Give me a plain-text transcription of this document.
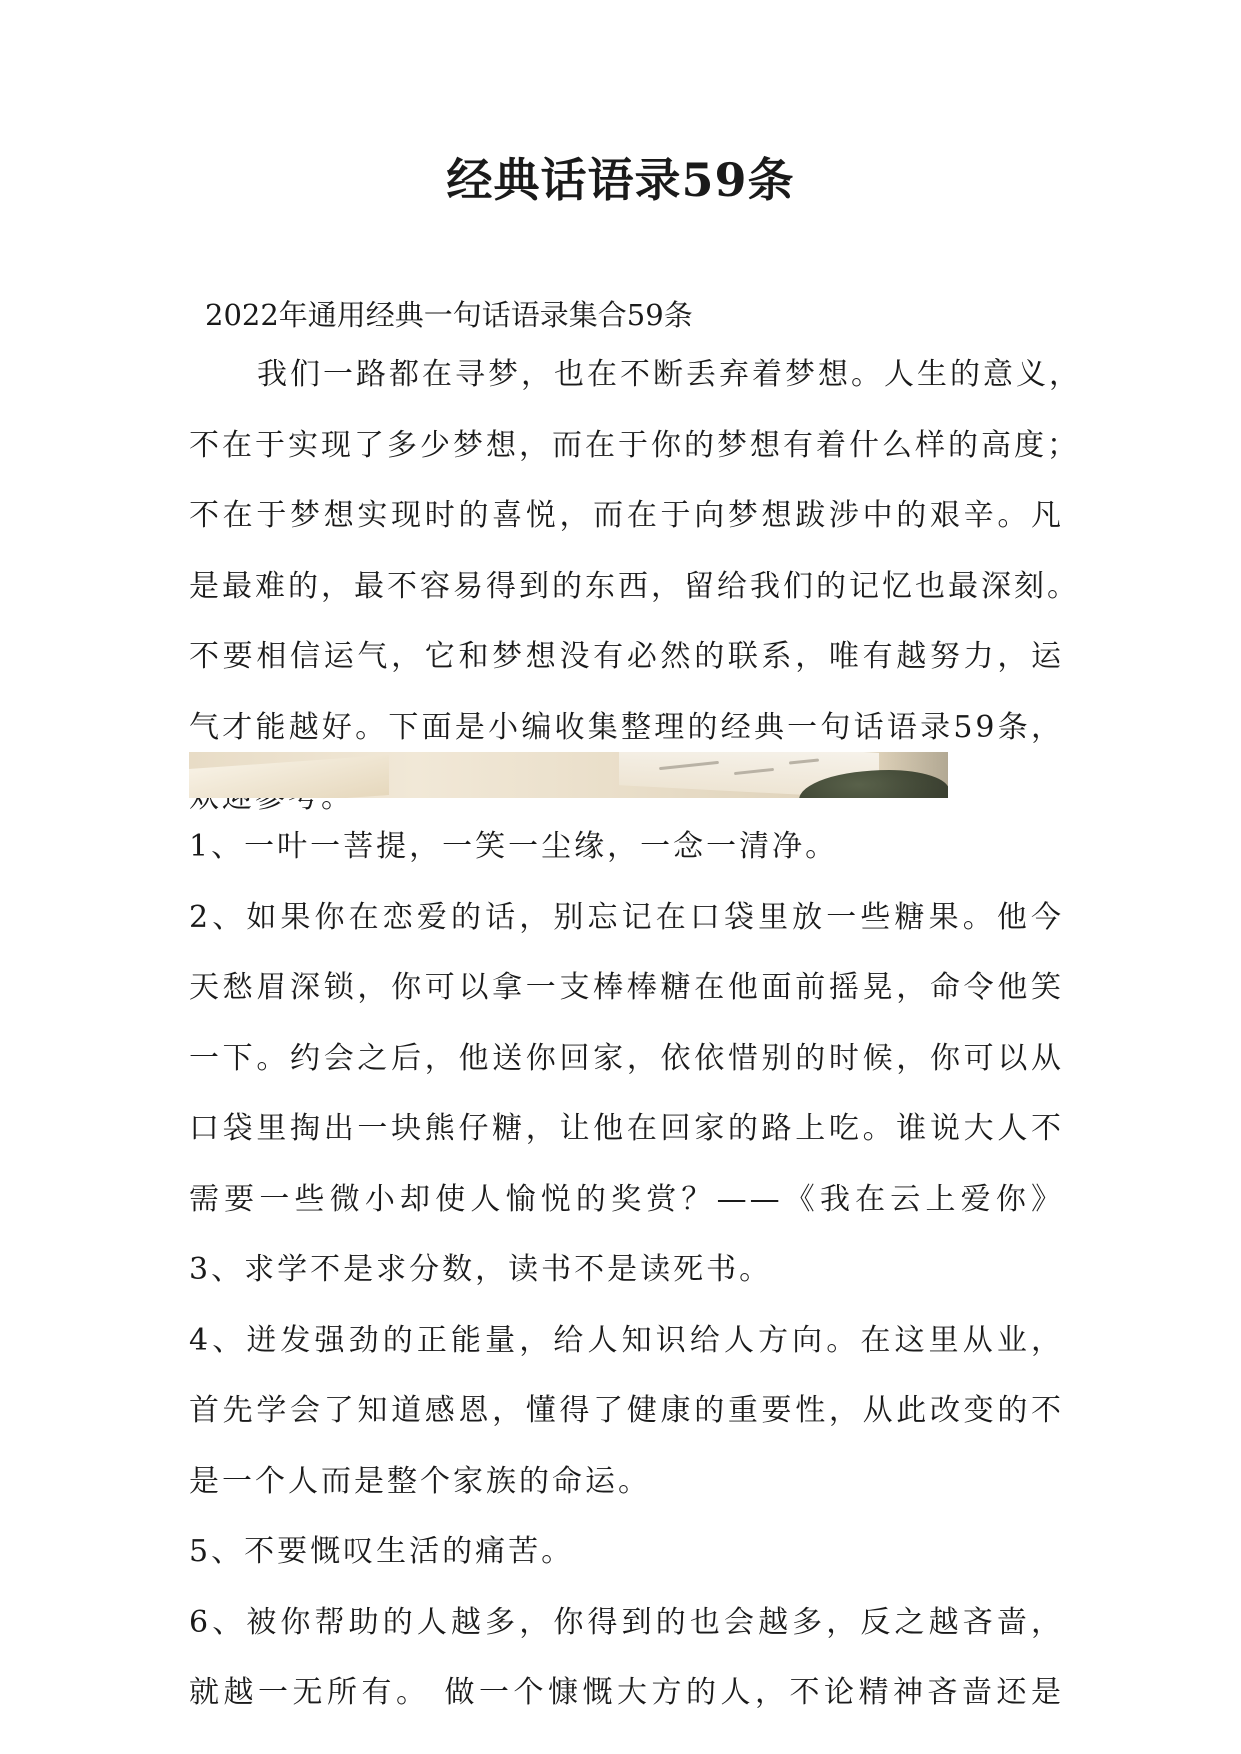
经典话语录59条

2022年通用经典一句话语录集合59条

我们一路都在寻梦，也在不断丢弃着梦想。人生的意义，
不在于实现了多少梦想，而在于你的梦想有着什么样的高度；
不在于梦想实现时的喜悦，而在于向梦想跋涉中的艰辛。凡
是最难的，最不容易得到的东西，留给我们的记忆也最深刻。
不要相信运气，它和梦想没有必然的联系，唯有越努力，运
气才能越好。下面是小编收集整理的经典一句话语录59条，
1、一叶一菩提，一笑一尘缘，一念一清净。
2、如果你在恋爱的话，别忘记在口袋里放一些糖果。他今
天愁眉深锁，你可以拿一支棒棒糖在他面前摇晃，命令他笑
一下。约会之后，他送你回家，依依惜别的时候，你可以从
口袋里掏出一块熊仔糖，让他在回家的路上吃。谁说大人不
需要一些微小却使人愉悦的奖赏？——《我在云上爱你》
3、求学不是求分数，读书不是读死书。
4、迸发强劲的正能量，给人知识给人方向。在这里从业，
首先学会了知道感恩，懂得了健康的重要性，从此改变的不
是一个人而是整个家族的命运。
5、不要慨叹生活的痛苦。
6、被你帮助的人越多，你得到的也会越多，反之越吝啬，
就越一无所有。 做一个慷慨大方的人，不论精神吝啬还是
